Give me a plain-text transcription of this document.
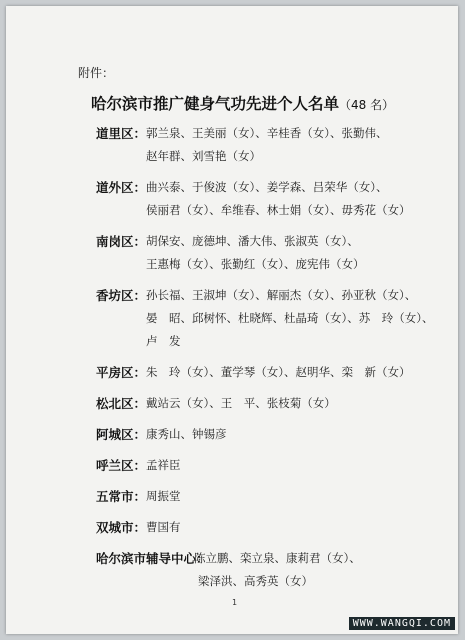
附件：
哈尔滨市推广健身气功先进个人名单（48 名）
道里区： 郭兰泉、王美丽（女）、辛桂香（女）、张勤伟、
赵年群、刘雪艳（女）
道外区： 曲兴泰、于俊波（女）、姜学森、吕荣华（女）、
侯丽君（女）、牟维春、林士娟（女）、毋秀花（女）
南岗区： 胡保安、庞德坤、潘大伟、张淑英（女）、
王惠梅（女）、张勤红（女）、庞宪伟（女）
香坊区： 孙长福、王淑坤（女）、解丽杰（女）、孙亚秋（女）、
晏　昭、邱树怀、杜晓辉、杜晶琦（女）、苏　玲（女）、
卢　发
平房区： 朱　玲（女）、董学琴（女）、赵明华、栾　新（女）
松北区： 戴站云（女）、王　平、张枝菊（女）
阿城区： 康秀山、钟锡彦
呼兰区： 孟祥臣
五常市： 周振堂
双城市： 曹国有
哈尔滨市辅导中心：
陈立鹏、栾立泉、康莉君（女）、
梁泽洪、高秀英（女）
1
WWW.WANGQI.COM
